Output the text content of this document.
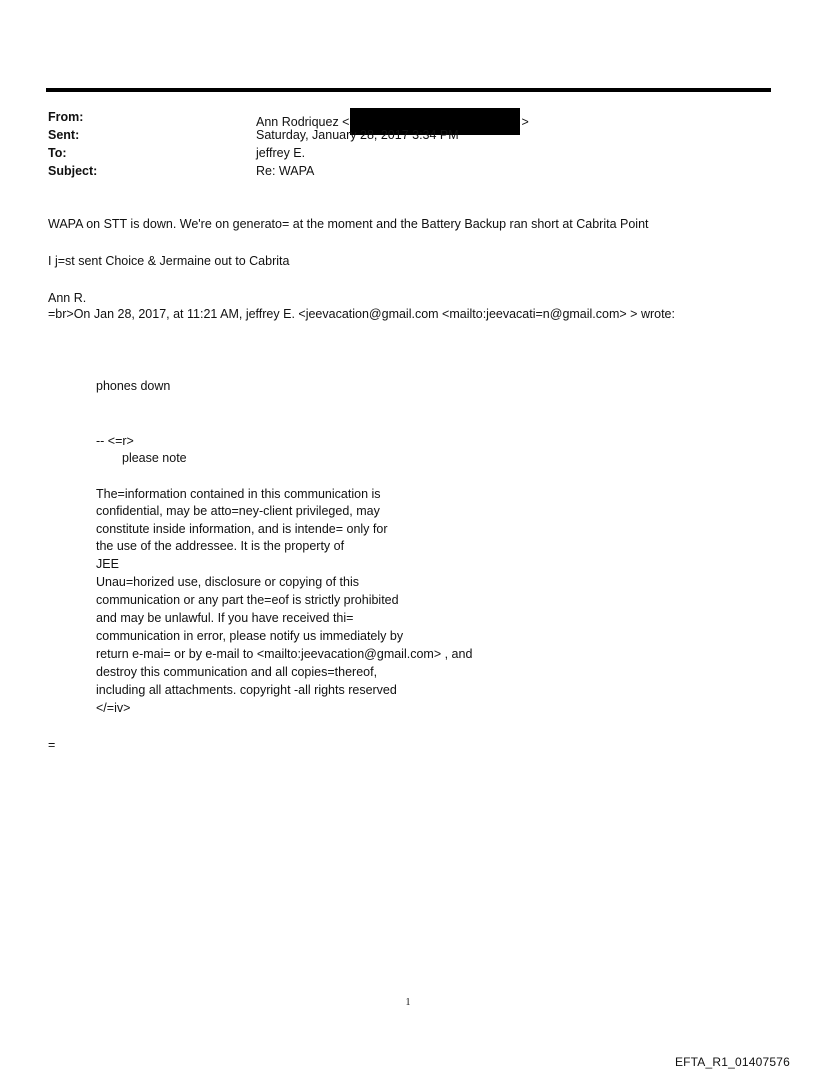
From:	Ann Rodriquez <	>
Sent:	Saturday, January 28, 2017 3:34 PM
To:	jeffrey E.
Subject:	Re: WAPA
WAPA on STT is down. We're on generato= at the moment and the Battery Backup ran short at Cabrita Point
I j=st sent Choice & Jermaine out to Cabrita
Ann R.
=br>On Jan 28, 2017, at 11:21 AM, jeffrey E. <jeevacation@gmail.com <mailto:jeevacati=n@gmail.com> > wrote:
phones down
-- <=r>
please note
The=information contained in this communication is
confidential, may be atto=ney-client privileged, may
constitute inside information, and is intende= only for
the use of the addressee. It is the property of
JEE
Unau=horized use, disclosure or copying of this
communication or any part the=eof is strictly prohibited
and may be unlawful. If you have received thi=
communication in error, please notify us immediately by
return e-mai= or by e-mail to <mailto:jeevacation@gmail.com> , and
destroy this communication and all copies=thereof,
including all attachments. copyright -all rights reserved
</=iv>
=
1
EFTA_R1_01407576
